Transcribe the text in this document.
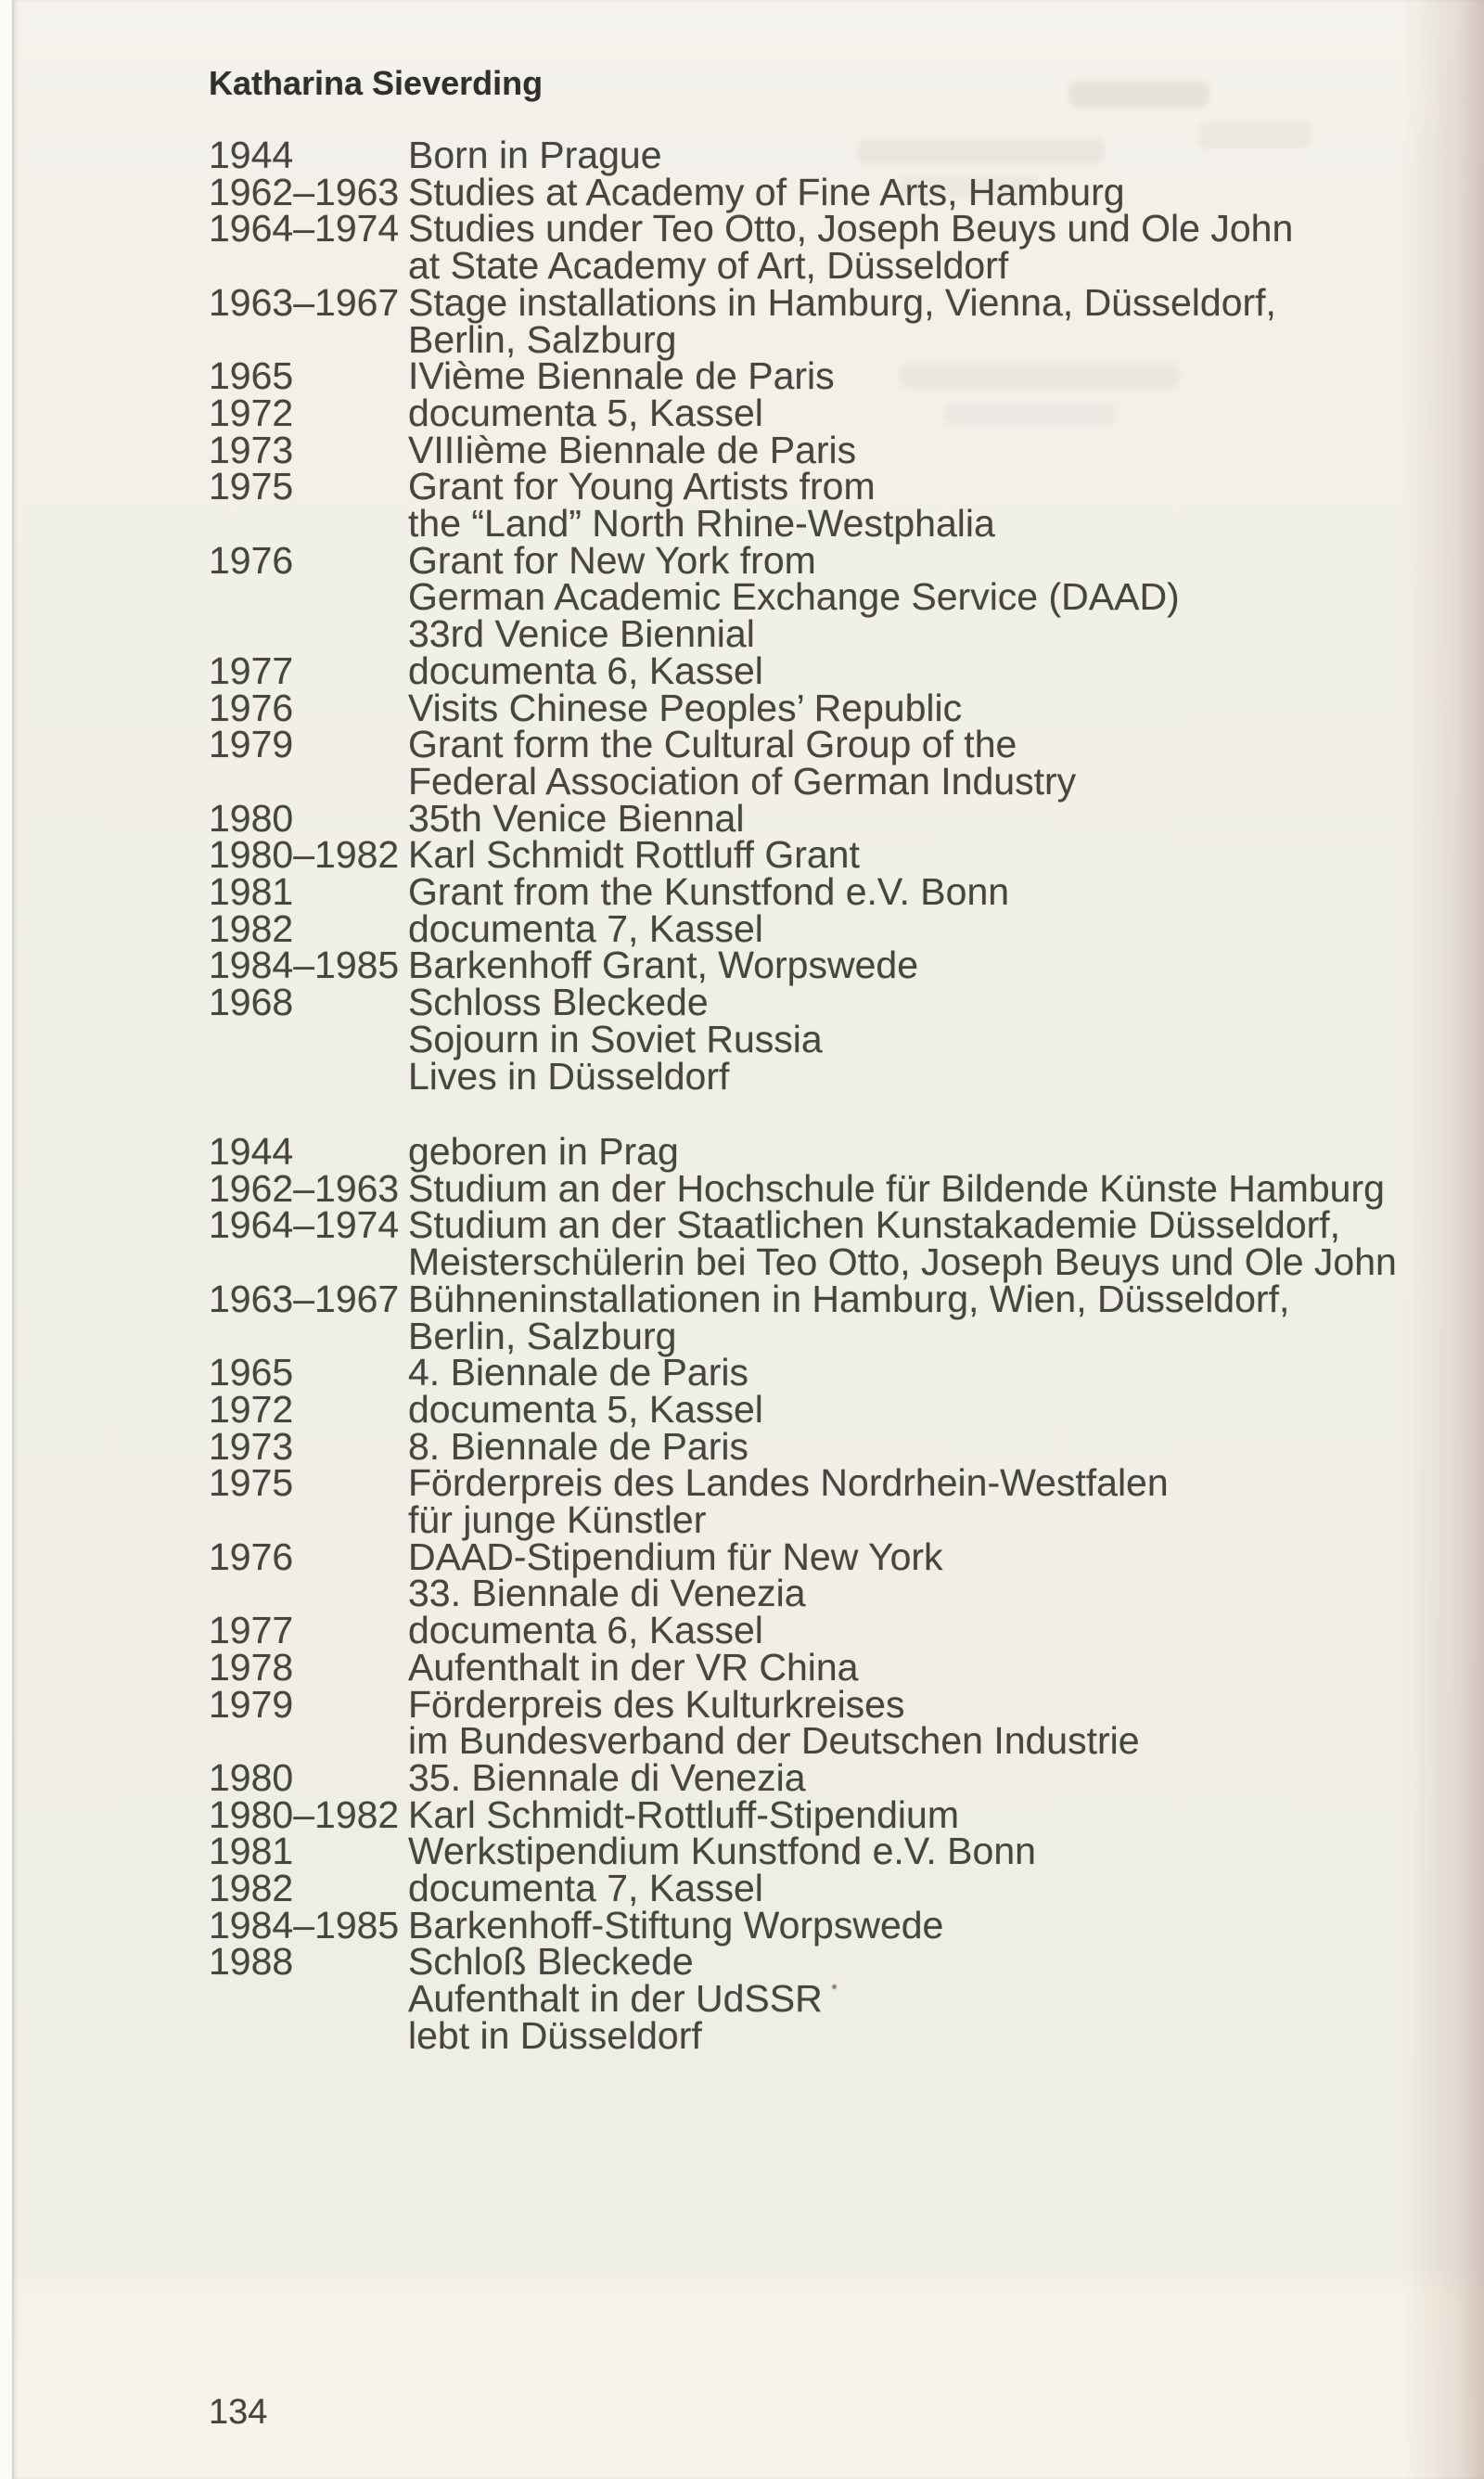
Katharina Sieverding
1944	Born in Prague
1962–1963 Studies at Academy of Fine Arts, Hamburg
1964–1974 Studies under Teo Otto, Joseph Beuys und Ole John
at State Academy of Art, Düsseldorf
1963–1967 Stage installations in Hamburg, Vienna, Düsseldorf,
Berlin, Salzburg
1965	IVième Biennale de Paris
1972	documenta 5, Kassel
1973	VIIIième Biennale de Paris
1975	Grant for Young Artists from
the “Land” North Rhine-Westphalia
1976	Grant for New York from
German Academic Exchange Service (DAAD)
33rd Venice Biennial
1977	documenta 6, Kassel
1976	Visits Chinese Peoples’ Republic
1979	Grant form the Cultural Group of the
Federal Association of German Industry
1980	35th Venice Biennal
1980–1982 Karl Schmidt Rottluff Grant
1981	Grant from the Kunstfond e.V. Bonn
1982	documenta 7, Kassel
1984–1985 Barkenhoff Grant, Worpswede
1968	Schloss Bleckede
Sojourn in Soviet Russia
Lives in Düsseldorf
1944	geboren in Prag
1962–1963 Studium an der Hochschule für Bildende Künste Hamburg
1964–1974 Studium an der Staatlichen Kunstakademie Düsseldorf,
Meisterschülerin bei Teo Otto, Joseph Beuys und Ole John
1963–1967 Bühneninstallationen in Hamburg, Wien, Düsseldorf,
Berlin, Salzburg
1965	4. Biennale de Paris
1972	documenta 5, Kassel
1973	8. Biennale de Paris
1975	Förderpreis des Landes Nordrhein-Westfalen
für junge Künstler
1976	DAAD-Stipendium für New York
33. Biennale di Venezia
1977	documenta 6, Kassel
1978	Aufenthalt in der VR China
1979	Förderpreis des Kulturkreises
im Bundesverband der Deutschen Industrie
1980	35. Biennale di Venezia
1980–1982 Karl Schmidt-Rottluff-Stipendium
1981	Werkstipendium Kunstfond e.V. Bonn
1982	documenta 7, Kassel
1984–1985 Barkenhoff-Stiftung Worpswede
1988	Schloß Bleckede
Aufenthalt in der UdSSR
lebt in Düsseldorf
134
